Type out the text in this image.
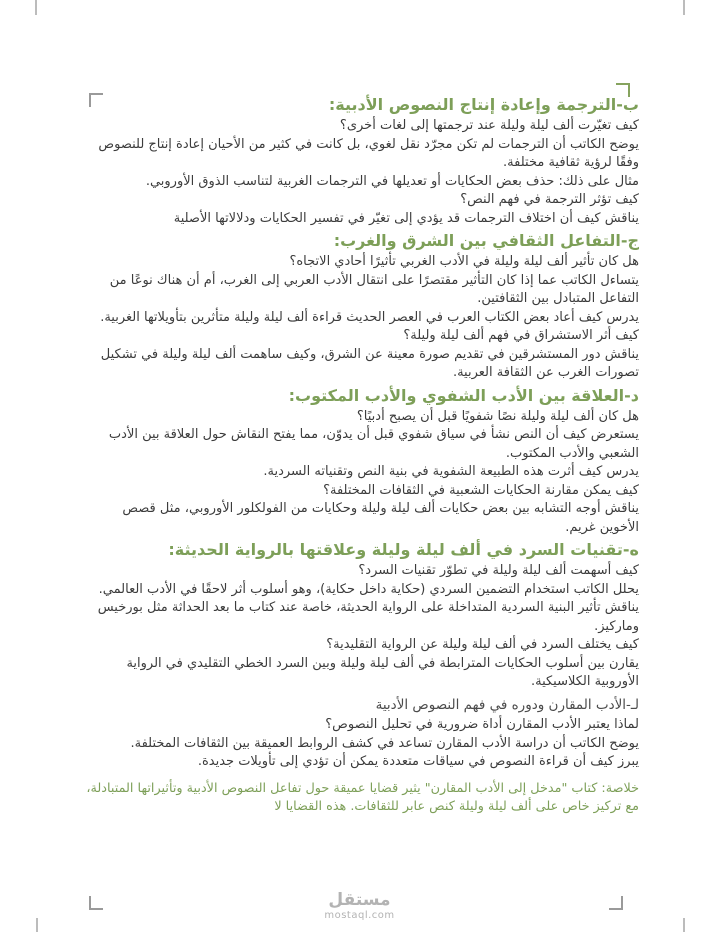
ب-الترجمة وإعادة إنتاج النصوص الأدبية:

كيف تغيّرت ألف ليلة وليلة عند ترجمتها إلى لغات أخرى؟

يوضح الكاتب أن الترجمات لم تكن مجرّد نقل لغوي، بل كانت في كثير من الأحيان إعادة إنتاج للنصوص وفقًا لرؤية ثقافية مختلفة.

مثال على ذلك: حذف بعض الحكايات أو تعديلها في الترجمات الغربية لتناسب الذوق الأوروبي.

كيف تؤثر الترجمة في فهم النص؟

يناقش كيف أن اختلاف الترجمات قد يؤدي إلى تغيّر في تفسير الحكايات ودلالاتها الأصلية

ج-التفاعل الثقافي بين الشرق والغرب:

هل كان تأثير ألف ليلة وليلة في الأدب الغربي تأثيرًا أحادي الاتجاه؟

يتساءل الكاتب عما إذا كان التأثير مقتصرًا على انتقال الأدب العربي إلى الغرب، أم أن هناك نوعًا من التفاعل المتبادل بين الثقافتين.

يدرس كيف أعاد بعض الكتاب العرب في العصر الحديث قراءة ألف ليلة وليلة متأثرين بتأويلاتها الغربية.

كيف أثر الاستشراق في فهم ألف ليلة وليلة؟

يناقش دور المستشرقين في تقديم صورة معينة عن الشرق، وكيف ساهمت ألف ليلة وليلة في تشكيل تصورات الغرب عن الثقافة العربية.

د-العلاقة بين الأدب الشفوي والأدب المكتوب:

هل كان ألف ليلة وليلة نصًا شفويًا قبل أن يصبح أدبيًا؟

يستعرض كيف أن النص نشأ في سياق شفوي قبل أن يدوّن، مما يفتح النقاش حول العلاقة بين الأدب الشعبي والأدب المكتوب.

يدرس كيف أثرت هذه الطبيعة الشفوية في بنية النص وتقنياته السردية.

كيف يمكن مقارنة الحكايات الشعبية في الثقافات المختلفة؟

يناقش أوجه التشابه بين بعض حكايات ألف ليلة وليلة وحكايات من الفولكلور الأوروبي، مثل قصص الأخوين غريم.

ه-تقنيات السرد في ألف ليلة وليلة وعلاقتها بالرواية الحديثة:

كيف أسهمت ألف ليلة وليلة في تطوّر تقنيات السرد؟

يحلل الكاتب استخدام التضمين السردي (حكاية داخل حكاية)، وهو أسلوب أثر لاحقًا في الأدب العالمي.

يناقش تأثير البنية السردية المتداخلة على الرواية الحديثة، خاصة عند كتاب ما بعد الحداثة مثل بورخيس وماركيز.

كيف يختلف السرد في ألف ليلة وليلة عن الرواية التقليدية؟

يقارن بين أسلوب الحكايات المترابطة في ألف ليلة وليلة وبين السرد الخطي التقليدي في الرواية الأوروبية الكلاسيكية.

لـ-الأدب المقارن ودوره في فهم النصوص الأدبية

لماذا يعتبر الأدب المقارن أداة ضرورية في تحليل النصوص؟

يوضح الكاتب أن دراسة الأدب المقارن تساعد في كشف الروابط العميقة بين الثقافات المختلفة.

يبرز كيف أن قراءة النصوص في سياقات متعددة يمكن أن تؤدي إلى تأويلات جديدة.

خلاصة: كتاب "مدخل إلى الأدب المقارن" يثير قضايا عميقة حول تفاعل النصوص الأدبية وتأثيراتها المتبادلة، مع تركيز خاص على ألف ليلة وليلة كنص عابر للثقافات. هذه القضايا لا

مستقل
mostaql.com
